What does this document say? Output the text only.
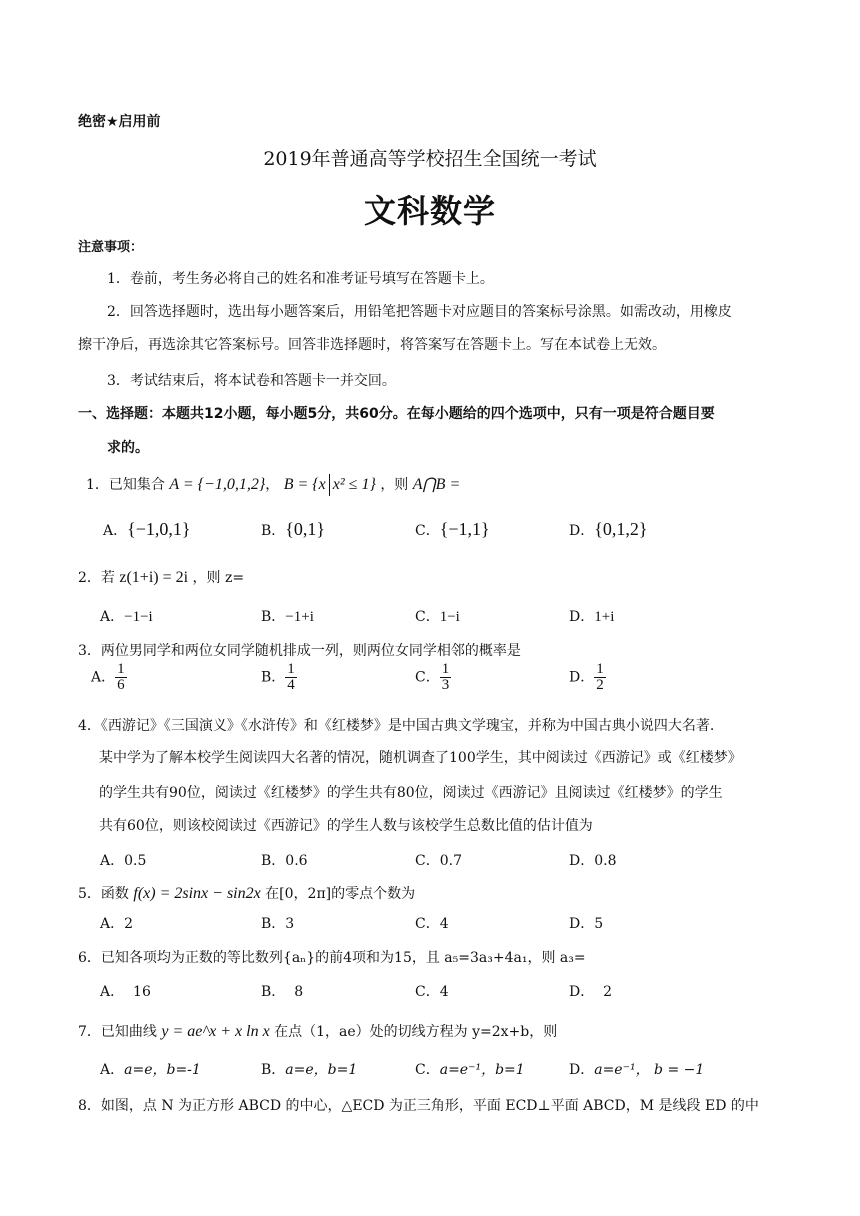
绝密★启用前
2019年普通高等学校招生全国统一考试
文科数学
注意事项：
1．卷前，考生务必将自己的姓名和准考证号填写在答题卡上。
2．回答选择题时，选出每小题答案后，用铅笔把答题卡对应题目的答案标号涂黑。如需改动，用橡皮
擦干净后，再选涂其它答案标号。回答非选择题时，将答案写在答题卡上。写在本试卷上无效。
3．考试结束后，将本试卷和答题卡一并交回。
一、选择题：本题共12小题，每小题5分，共60分。在每小题给的四个选项中，只有一项是符合题目要
求的。
1．已知集合 A = {−1,0,1,2}， B = {x x² ≤ 1} ，则 A⋂B =
A．{−1,0,1}	B．{0,1}	C．{−1,1}	D．{0,1,2}
2．若 z(1+i) = 2i ，则 z=
A．−1−i	B．−1+i	C．1−i	D．1+i
3．两位男同学和两位女同学随机排成一列，则两位女同学相邻的概率是
A． $\frac{1}{6}$	B． $\frac{1}{4}$	C． $\frac{1}{3}$	D． $\frac{1}{2}$
4．《西游记》《三国演义》《水浒传》和《红楼梦》是中国古典文学瑰宝，并称为中国古典小说四大名著.
某中学为了解本校学生阅读四大名著的情况，随机调查了100学生，其中阅读过《西游记》或《红楼梦》
的学生共有90位，阅读过《红楼梦》的学生共有80位，阅读过《西游记》且阅读过《红楼梦》的学生
共有60位，则该校阅读过《西游记》的学生人数与该校学生总数比值的估计值为
A．0.5	B．0.6	C．0.7	D．0.8
5．函数 f(x) = 2sinx − sin2x 在[0，2π]的零点个数为
A．2	B．3	C．4	D．5
6．已知各项均为正数的等比数列{aₙ}的前4项和为15，且 a₅=3a₃+4a₁，则 a₃=
A． 16	B． 8	C．4	D． 2
7．已知曲线 y = ae^x + x ln x 在点（1，ae）处的切线方程为 y=2x+b，则
A．a=e，b=-1	B．a=e，b=1	C．a=e⁻¹，b=1	D．a=e⁻¹， b = −1
8．如图，点 N 为正方形 ABCD 的中心，△ECD 为正三角形，平面 ECD⊥平面 ABCD，M 是线段 ED 的中
